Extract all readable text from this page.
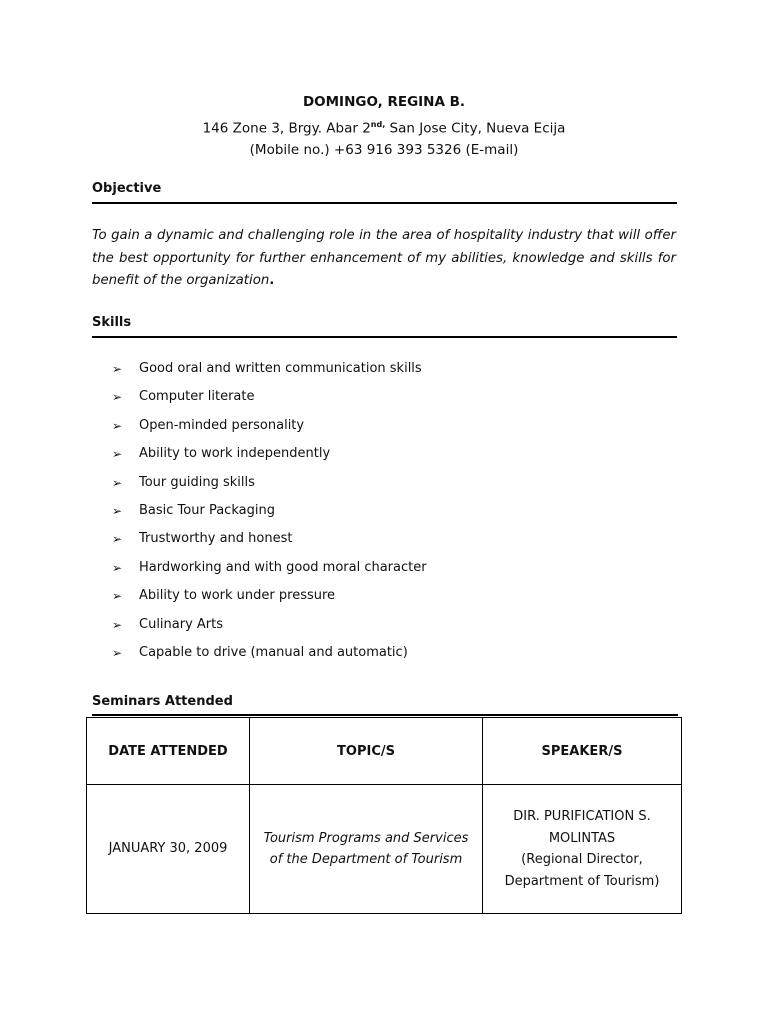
DOMINGO, REGINA B.
146 Zone 3, Brgy. Abar $2^{nd,}$ San Jose City, Nueva Ecija
(Mobile no.) +63 916 393 5326 (E-mail)
Objective
To gain a dynamic and challenging role in the area of hospitality industry that will offer the best opportunity for further enhancement of my abilities, knowledge and skills for benefit of the organization.
Skills
➢	Good oral and written communication skills
➢	Computer literate
➢	Open-minded personality
➢	Ability to work independently
➢	Tour guiding skills
➢	Basic Tour Packaging
➢	Trustworthy and honest
➢	Hardworking and with good moral character
➢	Ability to work under pressure
➢	Culinary Arts
➢	Capable to drive (manual and automatic)
Seminars Attended
DATE ATTENDED	TOPIC/S	SPEAKER/S
JANUARY 30, 2009	Tourism Programs and Services of the Department of Tourism	DIR. PURIFICATION S. MOLINTAS
(Regional Director, Department of Tourism)
